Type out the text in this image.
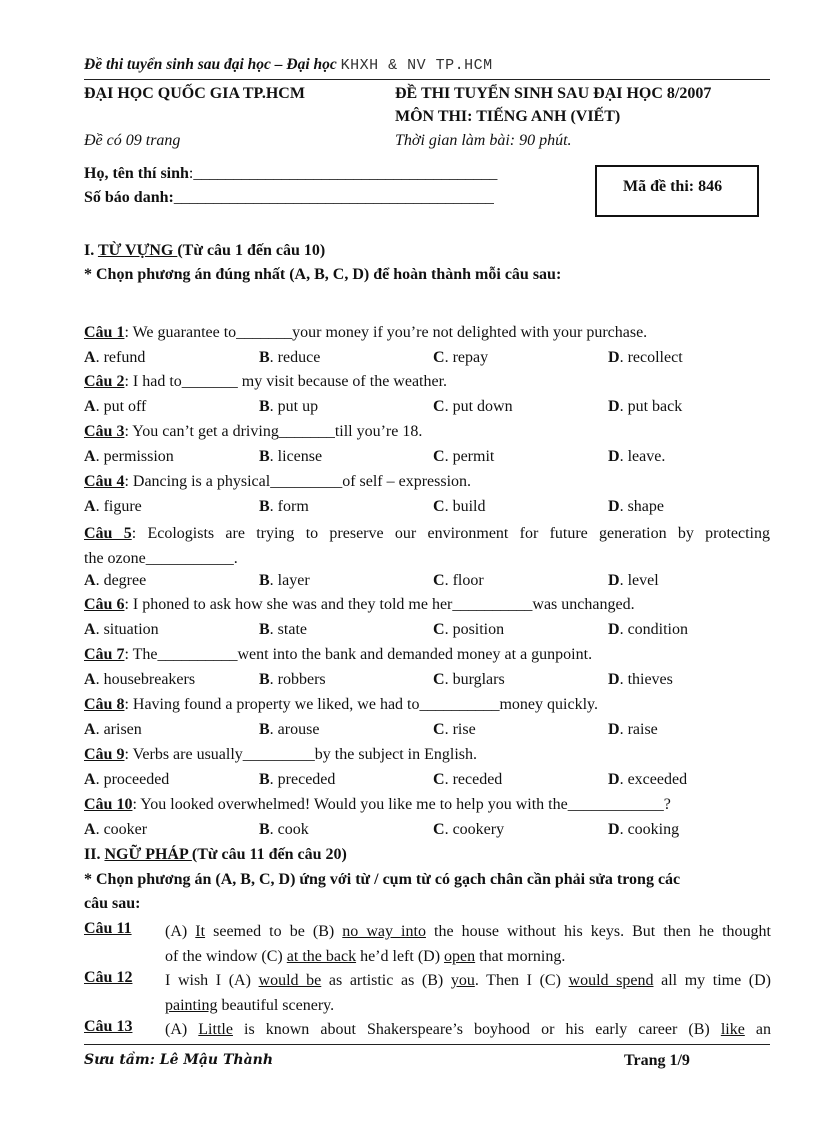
Đề thi tuyển sinh sau đại học – Đại học KHXH & NV TP.HCM
ĐẠI HỌC QUỐC GIA TP.HCM	ĐỀ THI TUYỂN SINH SAU ĐẠI HỌC 8/2007
MÔN THI: TIẾNG ANH (VIẾT)
Đề có 09 trang	Thời gian làm bài: 90 phút.
Họ, tên thí sinh:______________________________________
Số báo danh:________________________________________
Mã đề thi: 846
I. TỪ VỰNG (Từ câu 1 đến câu 10)
* Chọn phương án đúng nhất (A, B, C, D) để hoàn thành mỗi câu sau:
Câu 1: We guarantee to_______your money if you’re not delighted with your purchase.
A. refund	B. reduce	C. repay	D. recollect
Câu 2: I had to_______ my visit because of the weather.
A. put off	B. put up	C. put down	D. put back
Câu 3: You can’t get a driving_______till you’re 18.
A. permission	B. license	C. permit	D. leave.
Câu 4: Dancing is a physical_________of self – expression.
A. figure	B. form	C. build	D. shape
Câu 5: Ecologists are trying to preserve our environment for future generation by protecting
the ozone___________.
A. degree	B. layer	C. floor	D. level
Câu 6: I phoned to ask how she was and they told me her__________was unchanged.
A. situation	B. state	C. position	D. condition
Câu 7: The__________went into the bank and demanded money at a gunpoint.
A. housebreakers	B. robbers	C. burglars	D. thieves
Câu 8: Having found a property we liked, we had to__________money quickly.
A. arisen	B. arouse	C. rise	D. raise
Câu 9: Verbs are usually_________by the subject in English.
A. proceeded	B. preceded	C. receded	D. exceeded
Câu 10: You looked overwhelmed! Would you like me to help you with the____________?
A. cooker	B. cook	C. cookery	D. cooking
II. NGỮ PHÁP (Từ câu 11 đến câu 20)
* Chọn phương án (A, B, C, D) ứng với từ / cụm từ có gạch chân cần phải sửa trong các
câu sau:
Câu 11 (A) It seemed to be (B) no way into the house without his keys. But then he thought
of the window (C) at the back he’d left (D) open that morning.
Câu 12 I wish I (A) would be as artistic as (B) you. Then I (C) would spend all my time (D)
painting beautiful scenery.
Câu 13 (A) Little is known about Shakerspeare’s boyhood or his early career (B) like an
Sưu tầm: Lê Mậu Thành	Trang 1/9
